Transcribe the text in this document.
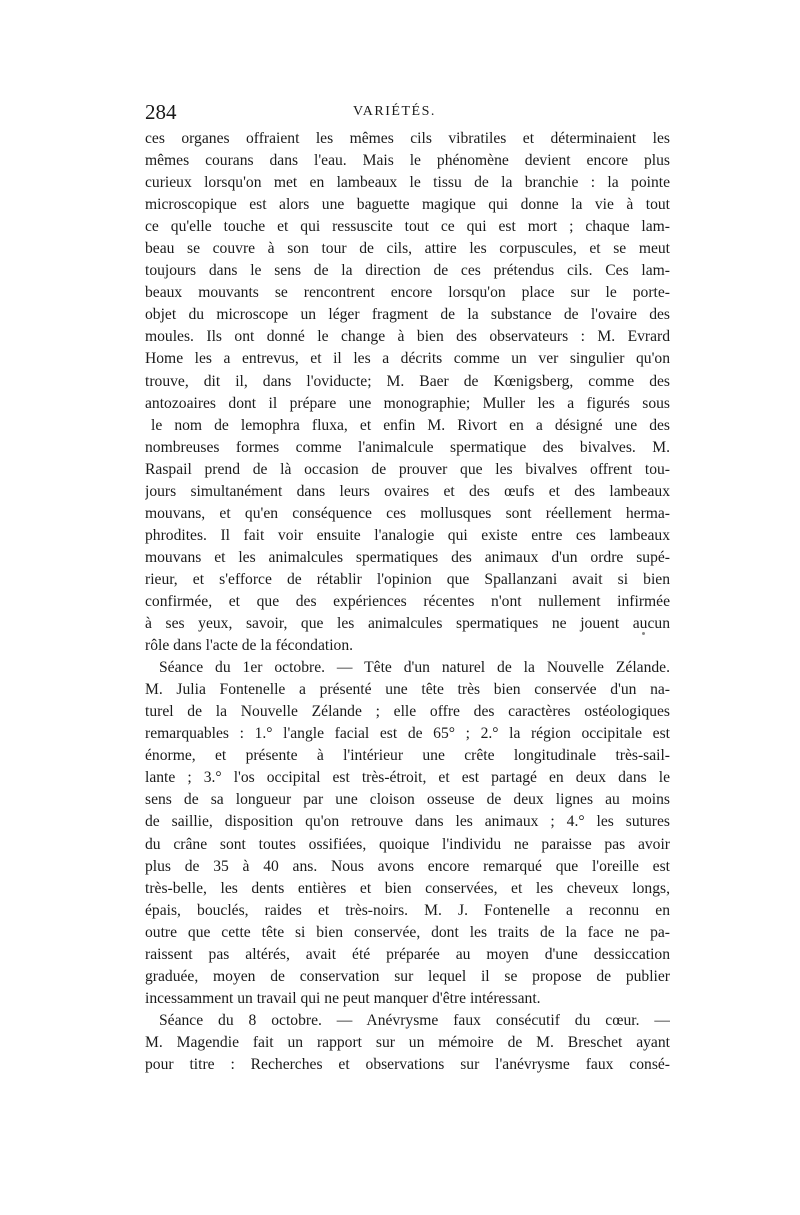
284	VARIÉTÉS.
ces organes offraient les mêmes cils vibratiles et déterminaient les
mêmes courans dans l'eau. Mais le phénomène devient encore plus
curieux lorsqu'on met en lambeaux le tissu de la branchie : la pointe
microscopique est alors une baguette magique qui donne la vie à tout
ce qu'elle touche et qui ressuscite tout ce qui est mort ; chaque lam-
beau se couvre à son tour de cils, attire les corpuscules, et se meut
toujours dans le sens de la direction de ces prétendus cils. Ces lam-
beaux mouvants se rencontrent encore lorsqu'on place sur le porte-
objet du microscope un léger fragment de la substance de l'ovaire des
moules. Ils ont donné le change à bien des observateurs : M. Evrard
Home les a entrevus, et il les a décrits comme un ver singulier qu'on
trouve, dit il, dans l'oviducte; M. Baer de Kœnigsberg, comme des
antozoaires dont il prépare une monographie; Muller les a figurés sous
le nom de lemophra fluxa, et enfin M. Rivort en a désigné une des
nombreuses formes comme l'animalcule spermatique des bivalves. M.
Raspail prend de là occasion de prouver que les bivalves offrent tou-
jours simultanément dans leurs ovaires et des œufs et des lambeaux
mouvans, et qu'en conséquence ces mollusques sont réellement herma-
phrodites. Il fait voir ensuite l'analogie qui existe entre ces lambeaux
mouvans et les animalcules spermatiques des animaux d'un ordre supé-
rieur, et s'efforce de rétablir l'opinion que Spallanzani avait si bien
confirmée, et que des expériences récentes n'ont nullement infirmée
à ses yeux, savoir, que les animalcules spermatiques ne jouent aucun
rôle dans l'acte de la fécondation.
Séance du 1er octobre. — Tête d'un naturel de la Nouvelle Zélande.
M. Julia Fontenelle a présenté une tête très bien conservée d'un na-
turel de la Nouvelle Zélande ; elle offre des caractères ostéologiques
remarquables : 1.° l'angle facial est de 65° ; 2.° la région occipitale est
énorme, et présente à l'intérieur une crête longitudinale très-sail-
lante ; 3.° l'os occipital est très-étroit, et est partagé en deux dans le
sens de sa longueur par une cloison osseuse de deux lignes au moins
de saillie, disposition qu'on retrouve dans les animaux ; 4.° les sutures
du crâne sont toutes ossifiées, quoique l'individu ne paraisse pas avoir
plus de 35 à 40 ans. Nous avons encore remarqué que l'oreille est
très-belle, les dents entières et bien conservées, et les cheveux longs,
épais, bouclés, raides et très-noirs. M. J. Fontenelle a reconnu en
outre que cette tête si bien conservée, dont les traits de la face ne pa-
raissent pas altérés, avait été préparée au moyen d'une dessiccation
graduée, moyen de conservation sur lequel il se propose de publier
incessamment un travail qui ne peut manquer d'être intéressant.
Séance du 8 octobre. — Anévrysme faux consécutif du cœur. —
M. Magendie fait un rapport sur un mémoire de M. Breschet ayant
pour titre : Recherches et observations sur l'anévrysme faux consé-
